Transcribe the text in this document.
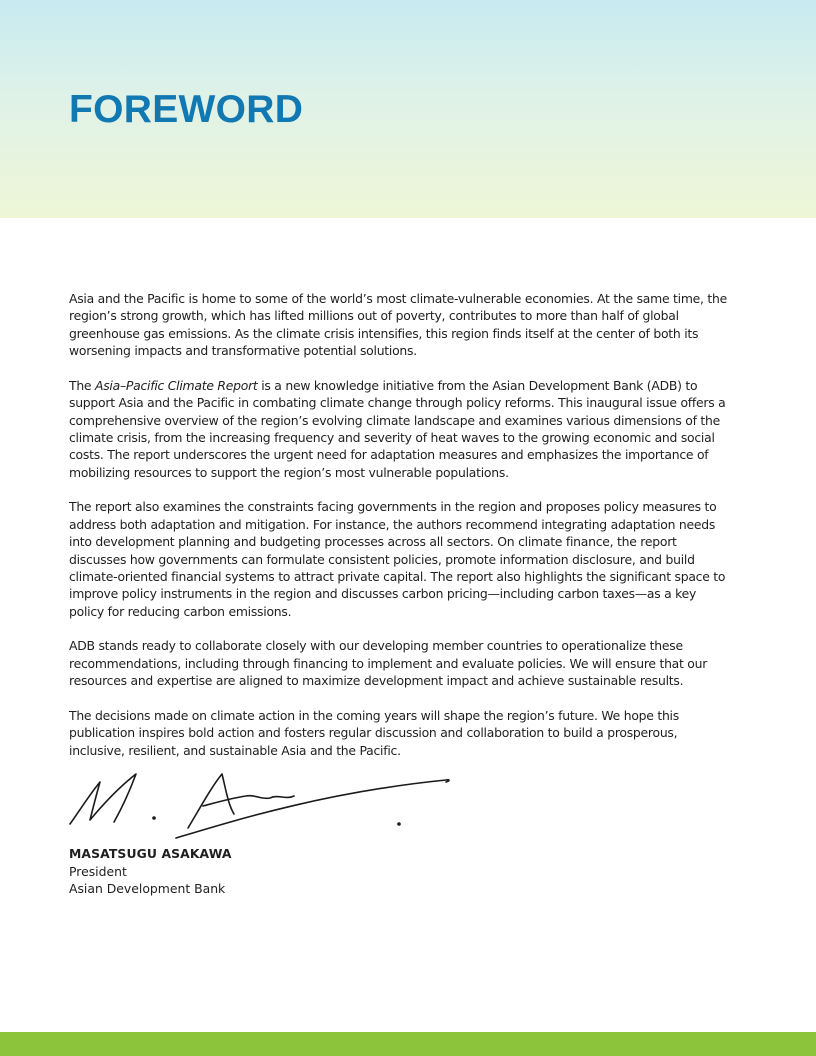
FOREWORD

Asia and the Pacific is home to some of the world’s most climate-vulnerable economies. At the same time, the region’s strong growth, which has lifted millions out of poverty, contributes to more than half of global greenhouse gas emissions. As the climate crisis intensifies, this region finds itself at the center of both its worsening impacts and transformative potential solutions.

The Asia–Pacific Climate Report is a new knowledge initiative from the Asian Development Bank (ADB) to support Asia and the Pacific in combating climate change through policy reforms. This inaugural issue offers a comprehensive overview of the region’s evolving climate landscape and examines various dimensions of the climate crisis, from the increasing frequency and severity of heat waves to the growing economic and social costs. The report underscores the urgent need for adaptation measures and emphasizes the importance of mobilizing resources to support the region’s most vulnerable populations.

The report also examines the constraints facing governments in the region and proposes policy measures to address both adaptation and mitigation. For instance, the authors recommend integrating adaptation needs into development planning and budgeting processes across all sectors. On climate finance, the report discusses how governments can formulate consistent policies, promote information disclosure, and build climate-oriented financial systems to attract private capital. The report also highlights the significant space to improve policy instruments in the region and discusses carbon pricing—including carbon taxes—as a key policy for reducing carbon emissions.

ADB stands ready to collaborate closely with our developing member countries to operationalize these recommendations, including through financing to implement and evaluate policies. We will ensure that our resources and expertise are aligned to maximize development impact and achieve sustainable results.

The decisions made on climate action in the coming years will shape the region’s future. We hope this publication inspires bold action and fosters regular discussion and collaboration to build a prosperous, inclusive, resilient, and sustainable Asia and the Pacific.

MASATSUGU ASAKAWA
President
Asian Development Bank
